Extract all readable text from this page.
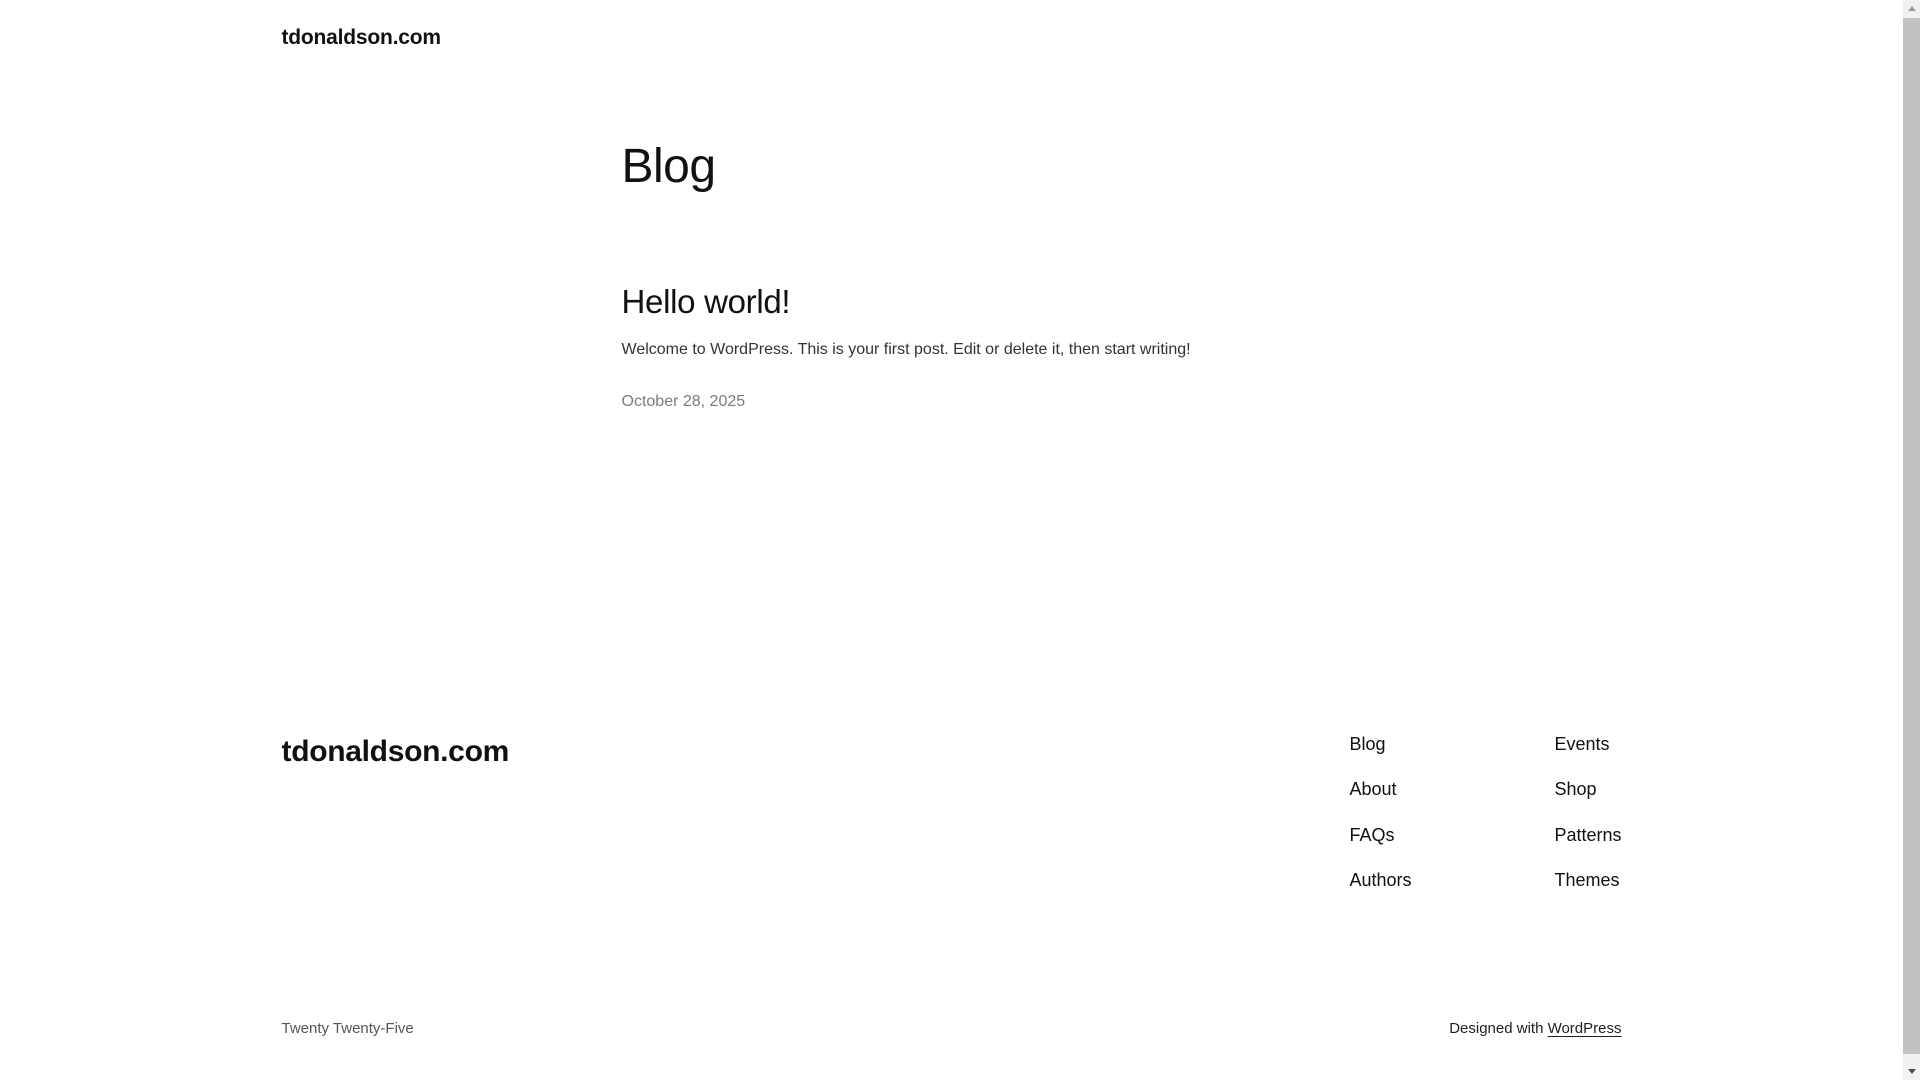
tdonaldson.com
Blog
Hello world!

Welcome to WordPress. This is your first post. Edit or delete it, then start writing!

October 28, 2025
tdonaldson.com	Blog
About
FAQs
Authors
Events
Shop
Patterns
Themes
Twenty Twenty-Five	Designed with WordPress
